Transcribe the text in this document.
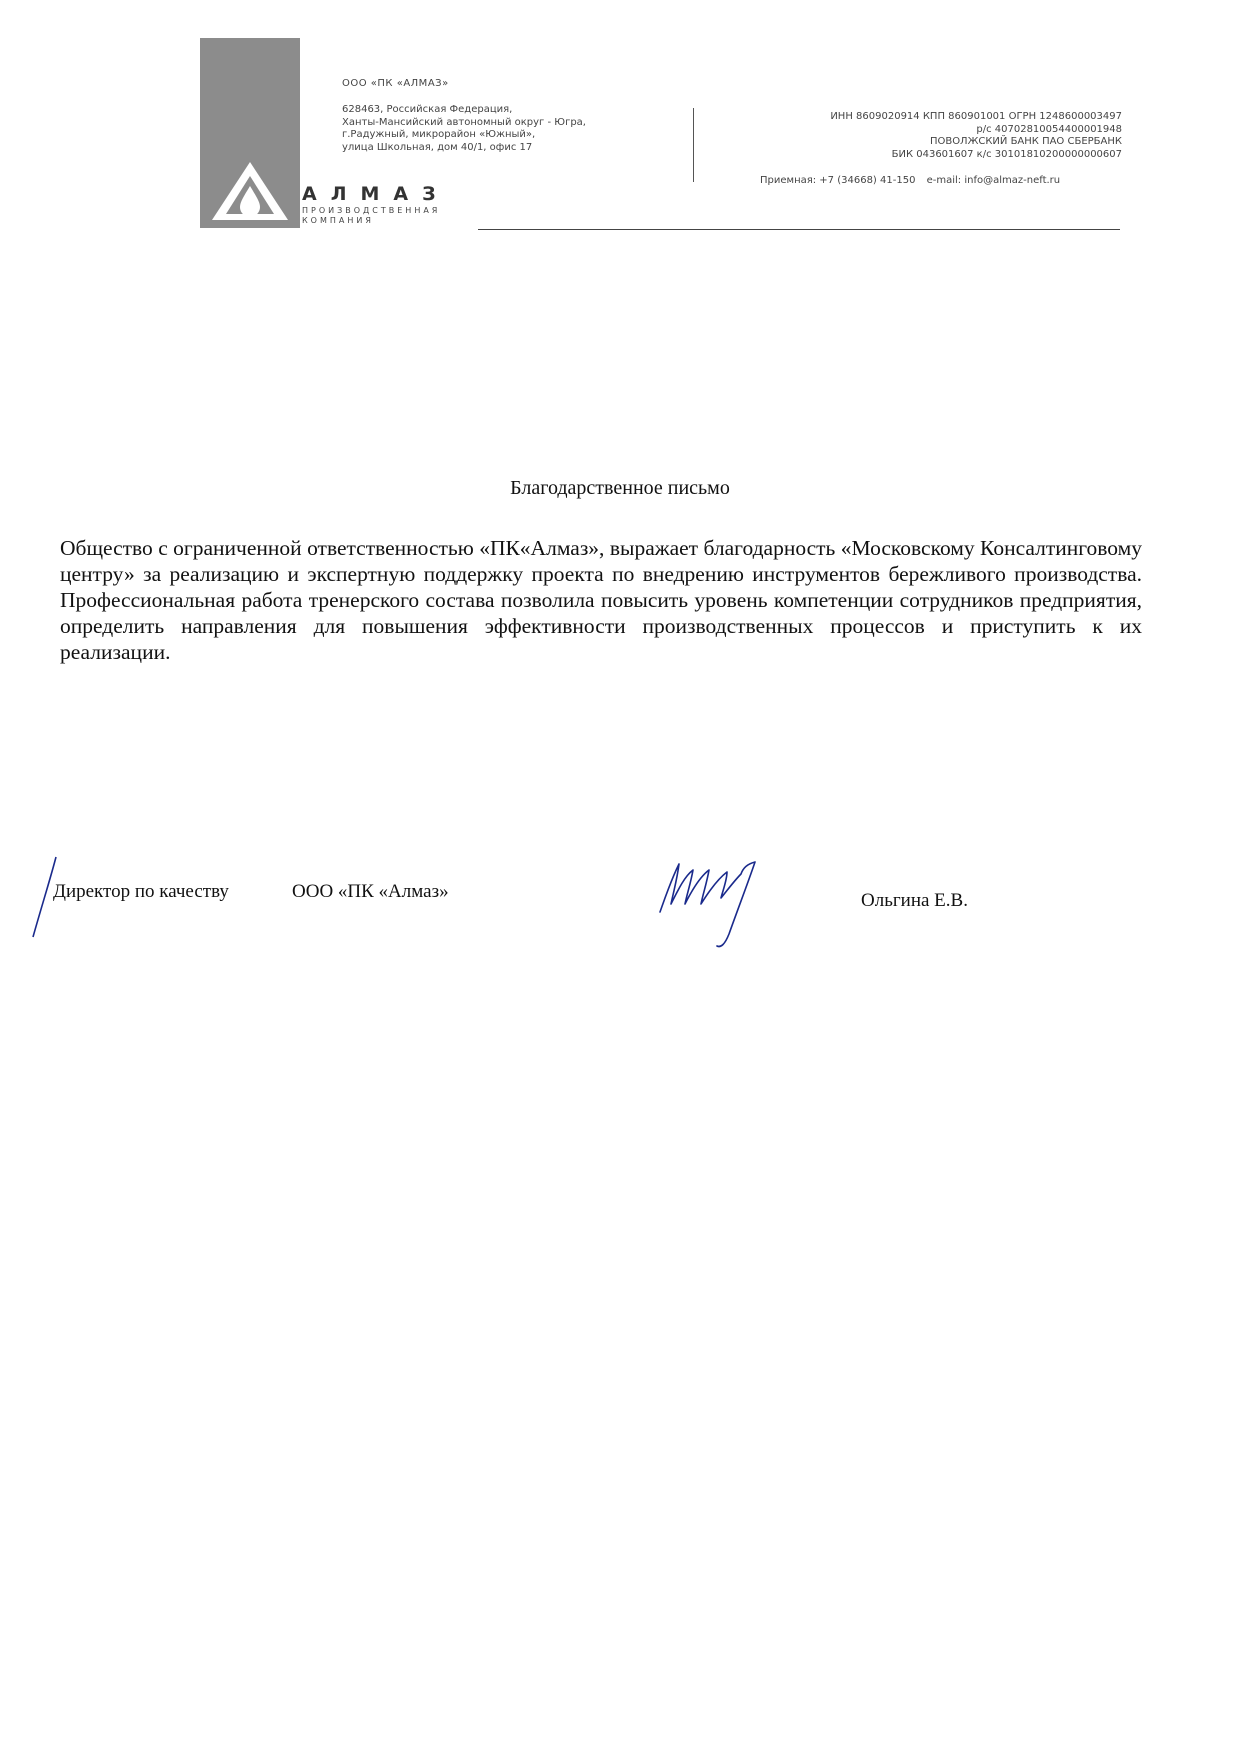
АЛМАЗ
ПРОИЗВОДСТВЕННАЯ
КОМПАНИЯ
ООО «ПК «АЛМАЗ»
628463, Российская Федерация,
Ханты-Мансийский автономный округ - Югра,
г.Радужный, микрорайон «Южный»,
улица Школьная, дом 40/1, офис 17
ИНН 8609020914 КПП 860901001 ОГРН 1248600003497
р/с 40702810054400001948
ПОВОЛЖСКИЙ БАНК ПАО СБЕРБАНК
БИК 043601607 к/с 30101810200000000607
Приемная: +7 (34668) 41-150 e-mail: info@almaz-neft.ru
Благодарственное письмо
Общество с ограниченной ответственностью «ПК«Алмаз», выражает благодарность «Московскому Консалтинговому центру» за реализацию и экспертную поддержку проекта по внедрению инструментов бережливого производства. Профессиональная работа тренерского состава позволила повысить уровень компетенции сотрудников предприятия, определить направления для повышения эффективности производственных процессов и приступить к их реализации.
Директор по качеству	ООО «ПК «Алмаз»	Ольгина Е.В.
